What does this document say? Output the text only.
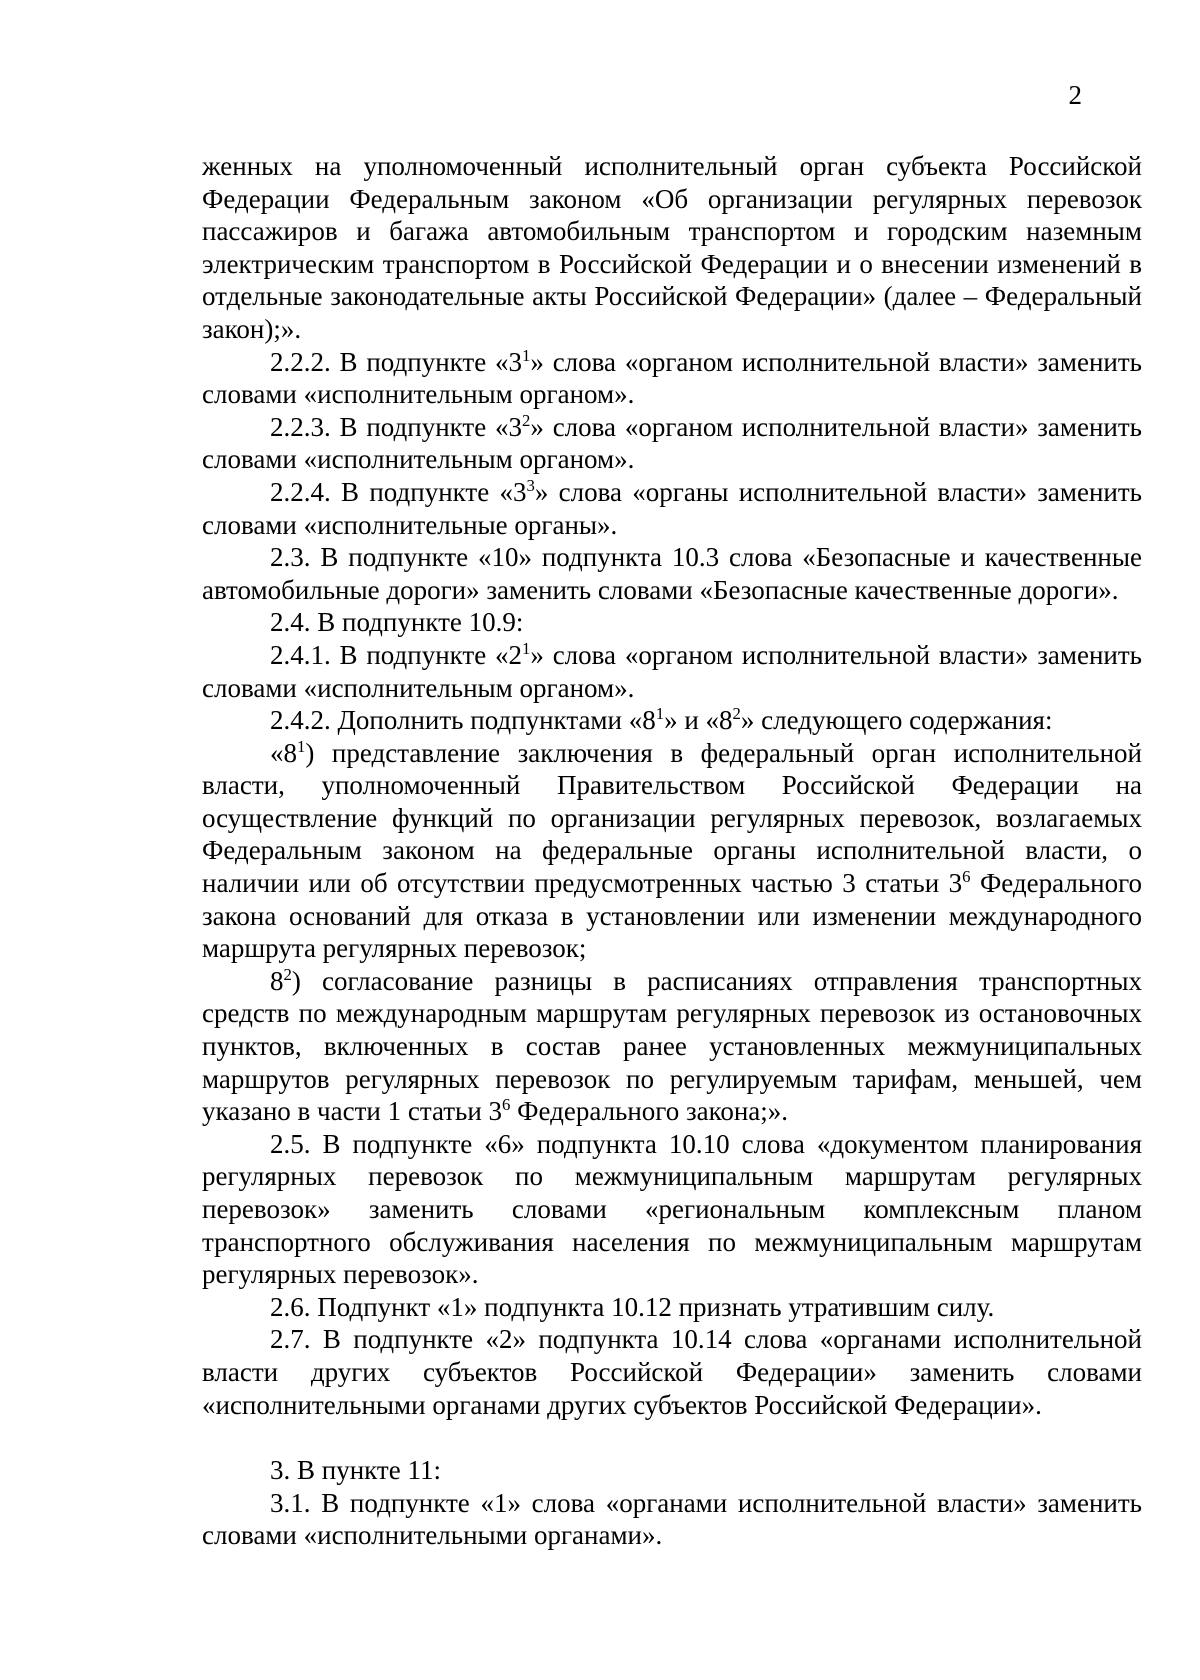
2

женных на уполномоченный исполнительный орган субъекта Российской Федерации Федеральным законом «Об организации регулярных перевозок пассажиров и багажа автомобильным транспортом и городским наземным электрическим транспортом в Российской Федерации и о внесении изменений в отдельные законодательные акты Российской Федерации» (далее – Федеральный закон);».

2.2.2. В подпункте «$3^1$» слова «органом исполнительной власти» заменить словами «исполнительным органом».

2.2.3. В подпункте «$3^2$» слова «органом исполнительной власти» заменить словами «исполнительным органом».

2.2.4. В подпункте «$3^3$» слова «органы исполнительной власти» заменить словами «исполнительные органы».

2.3. В подпункте «10» подпункта 10.3 слова «Безопасные и качественные автомобильные дороги» заменить словами «Безопасные качественные дороги».

2.4. В подпункте 10.9:

2.4.1. В подпункте «$2^1$» слова «органом исполнительной власти» заменить словами «исполнительным органом».

2.4.2. Дополнить подпунктами «$8^1$» и «$8^2$» следующего содержания:

«$8^1$) представление заключения в федеральный орган исполнительной власти, уполномоченный Правительством Российской Федерации на осуществление функций по организации регулярных перевозок, возлагаемых Федеральным законом на федеральные органы исполнительной власти, о наличии или об отсутствии предусмотренных частью 3 статьи $3^6$ Федерального закона оснований для отказа в установлении или изменении международного маршрута регулярных перевозок;

$8^2$) согласование разницы в расписаниях отправления транспортных средств по международным маршрутам регулярных перевозок из остановочных пунктов, включенных в состав ранее установленных межмуниципальных маршрутов регулярных перевозок по регулируемым тарифам, меньшей, чем указано в части 1 статьи $3^6$ Федерального закона;».

2.5. В подпункте «6» подпункта 10.10 слова «документом планирования регулярных перевозок по межмуниципальным маршрутам регулярных перевозок» заменить словами «региональным комплексным планом транспортного обслуживания населения по межмуниципальным маршрутам регулярных перевозок».

2.6. Подпункт «1» подпункта 10.12 признать утратившим силу.

2.7. В подпункте «2» подпункта 10.14 слова «органами исполнительной власти других субъектов Российской Федерации» заменить словами «исполнительными органами других субъектов Российской Федерации».

3. В пункте 11:

3.1. В подпункте «1» слова «органами исполнительной власти» заменить словами «исполнительными органами».
